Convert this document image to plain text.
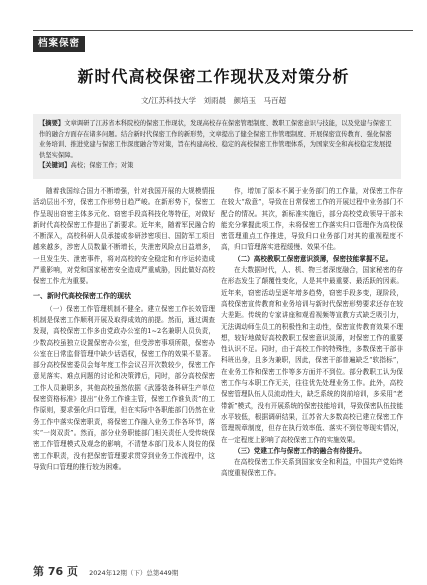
档案保密
新时代高校保密工作现状及对策分析
文/江苏科技大学　刘雨晨　颜培玉　马百超
【摘要】文章调研了江苏省本科院校的保密工作现状，发现高校存在保密管理制度、教职工保密意识与技能，以及党建与保密工作的融合方面存在诸多问题。结合新时代保密工作的新形势，文章提出了健全保密工作管理制度、开展保密宣传教育、强化保密业务培训、推进党建与保密工作深度融合等对策，旨在构建高校、稳定的高校保密工作管理体系，为国家安全和高校稳定发展提供坚实保障。
【关键词】高校；保密工作；对策

随着我国综合国力不断增强，针对我国开展的大规模情报活动层出不穷，保密工作形势日趋严峻。在新形势下，保密工作呈现出窃密主体多元化、窃密手段高科技化等特征，对做好新时代高校保密工作提出了新要求。近年来，随着军民融合的不断深入，高校科研人员承接或参研涉密项目、国防军工项目越来越多，涉密人员数量不断增长，失泄密风险点日益增多，一旦发生失、泄密事件，将对高校的安全稳定和有序运转造成严重影响，对党和国家秘密安全造成严重威胁，因此做好高校保密工作尤为重要。

一、新时代高校保密工作的现状

（一）保密工作管理机制不健全。建立保密工作长效管理机制是保密工作顺利开展及取得成效的前提。然而，通过调查发现，高校保密工作多由党政办公室的1~2名兼职人员负责，少数高校虽独立设置保密办公室，但受涉密事项所限，保密办公室在日常监督管理中缺少话语权，保密工作的效果不显著。部分高校保密委员会每年度工作会议召开次数较少，保密工作意见落实、难点问题的讨论和决策滞后，同时，部分高校保密工作人员兼职多，其他高校虽然依据《武器装备科研生产单位保密资格标准》提出“业务工作谁主管，保密工作谁负责”的工作原则，要求强化归口管理，但在实际中各职能部门仍然在业务工作中落实保密职责，将保密工作融入业务工作各环节，落实“一岗双责”。然而，部分业务职能部门相关责任人受传统保密工作管理模式及观念的影响，不清楚本部门及本人岗位的保密工作职责，没有把保密管理要求贯穿到业务工作流程中，这导致归口管理的推行较为困难。

作，增加了原本不属于业务部门的工作量，对保密工作存在较大“敌意”，导致在日常保密工作的开展过程中业务部门不配合的情况。其次，新标准实施后，部分高校党政领导干部未能充分掌握此项工作，未将保密工作落实归口管理作为高校保密管理重点工作推进，导致归口业务部门对其的重视程度不高，归口管理落实进程缓慢、效果不佳。

（二）高校教职工保密意识淡薄，保密技能掌握不足。

在大数据时代，人、机、物三者深度融合，国家秘密的存在形态发生了颠覆性变化，人是其中最重要、最活跃的因素。近年来，窃密活动呈逐年增多趋势，窃密手段多变，现阶段，高校保密宣传教育和业务培训与新时代保密形势要求还存在较大差距。传统的专家讲座和观看视频等宣教方式缺乏吸引力，无法调动师生员工的积极性和主动性，保密宣传教育效果不理想，较好地做好高校教职工保密意识淡薄，对保密工作的重要性认识不足。同时，由于高校工作的特殊性，多数保密干部非科班出身，且多为兼职，因此，保密干部普遍缺乏“软指标”，在业务工作和保密工作等多方面并不到位。部分教职工认为保密工作与本职工作无关，往往优先处理业务工作。此外，高校保密管理队伍人员流动性大，缺乏系统的岗前培训，多采用“老带新”模式，没有开展系统的保密技能培训，导致保密队伍技能水平较低，根据调研结果，江苏省大多数高校已建立保密工作管理规章制度，但存在执行效率低、落实不到位等现实情况，在一定程度上影响了高校保密工作的实施效果。

（三）党建工作与保密工作的融合有待提升。

在高校保密工作关系到国家安全和利益，中国共产党始终高度重视保密工作。

第 76 页 2024年12期（下）总第449期
